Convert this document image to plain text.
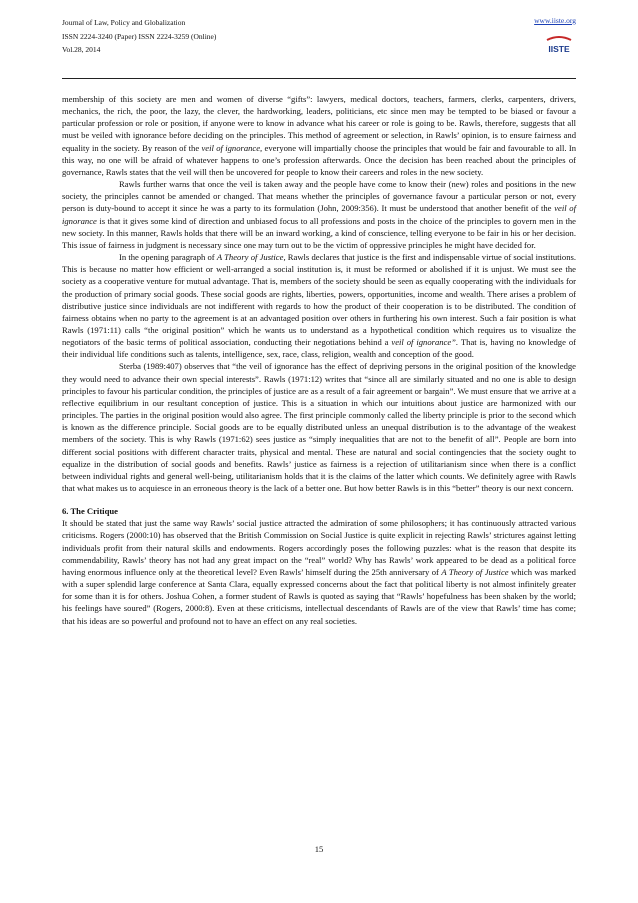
Journal of Law, Policy and Globalization
ISSN 2224-3240 (Paper) ISSN 2224-3259 (Online)
Vol.28, 2014
www.iiste.org
IISTE

membership of this society are men and women of diverse “gifts”: lawyers, medical doctors, teachers, farmers, clerks, carpenters, drivers, mechanics, the rich, the poor, the lazy, the clever, the hardworking, leaders, politicians, etc since men may be tempted to be biased or favour a particular profession or role or position, if anyone were to know in advance what his career or role is going to be. Rawls, therefore, suggests that all must be veiled with ignorance before deciding on the principles. This method of agreement or selection, in Rawls’ opinion, is to ensure fairness and equality in the society. By reason of the veil of ignorance, everyone will impartially choose the principles that would be fair and favourable to all. In this way, no one will be afraid of whatever happens to one’s profession afterwards. Once the decision has been reached about the principles of governance, Rawls states that the veil will then be uncovered for people to know their careers and roles in the new society.

Rawls further warns that once the veil is taken away and the people have come to know their (new) roles and positions in the new society, the principles cannot be amended or changed. That means whether the principles of governance favour a particular person or not, every person is duty-bound to accept it since he was a party to its formulation (John, 2009:356). It must be understood that another benefit of the veil of ignorance is that it gives some kind of direction and unbiased focus to all professions and posts in the choice of the principles to govern men in the new society. In this manner, Rawls holds that there will be an inward working, a kind of conscience, telling everyone to be fair in his or her decision. This issue of fairness in judgment is necessary since one may turn out to be the victim of oppressive principles he might have decided for.

In the opening paragraph of A Theory of Justice, Rawls declares that justice is the first and indispensable virtue of social institutions. This is because no matter how efficient or well-arranged a social institution is, it must be reformed or abolished if it is unjust. We must see the society as a cooperative venture for mutual advantage. That is, members of the society should be seen as equally cooperating with the individuals for the production of primary social goods. These social goods are rights, liberties, powers, opportunities, income and wealth. There arises a problem of distributive justice since individuals are not indifferent with regards to how the product of their cooperation is to be distributed. The condition of fairness obtains when no party to the agreement is at an advantaged position over others in furthering his own interest. Such a fair position is what Rawls (1971:11) calls “the original position” which he wants us to understand as a hypothetical condition which requires us to visualize the negotiators of the basic terms of political association, conducting their negotiations behind a veil of ignorance”. That is, having no knowledge of their individual life conditions such as talents, intelligence, sex, race, class, religion, wealth and conception of the good.

Sterba (1989:407) observes that “the veil of ignorance has the effect of depriving persons in the original position of the knowledge they would need to advance their own special interests”. Rawls (1971:12) writes that “since all are similarly situated and no one is able to design principles to favour his particular condition, the principles of justice are as a result of a fair agreement or bargain”. We must ensure that we arrive at a reflective equilibrium in our resultant conception of justice. This is a situation in which our intuitions about justice are harmonized with our principles. The parties in the original position would also agree. The first principle commonly called the liberty principle is prior to the second which is known as the difference principle. Social goods are to be equally distributed unless an unequal distribution is to the advantage of the weakest members of the society. This is why Rawls (1971:62) sees justice as “simply inequalities that are not to the benefit of all”. People are born into different social positions with different character traits, physical and mental. These are natural and social contingencies that the society ought to equalize in the distribution of social goods and benefits. Rawls’ justice as fairness is a rejection of utilitarianism since when there is a conflict between individual rights and general well-being, utilitarianism holds that it is the claims of the latter which counts. We definitely agree with Rawls that what makes us to acquiesce in an erroneous theory is the lack of a better one. But how better Rawls is in this “better” theory is our next concern.

6. The Critique

It should be stated that just the same way Rawls’ social justice attracted the admiration of some philosophers; it has continuously attracted various criticisms. Rogers (2000:10) has observed that the British Commission on Social Justice is quite explicit in rejecting Rawls’ strictures against letting individuals profit from their natural skills and endowments. Rogers accordingly poses the following puzzles: what is the reason that despite its commendability, Rawls’ theory has not had any great impact on the “real” world? Why has Rawls’ work appeared to be dead as a political force having enormous influence only at the theoretical level? Even Rawls’ himself during the 25th anniversary of A Theory of Justice which was marked with a super splendid large conference at Santa Clara, equally expressed concerns about the fact that political liberty is not almost infinitely greater for some than it is for others. Joshua Cohen, a former student of Rawls is quoted as saying that “Rawls’ hopefulness has been shaken by the world; his feelings have soured” (Rogers, 2000:8). Even at these criticisms, intellectual descendants of Rawls are of the view that Rawls’ time has come; that his ideas are so powerful and profound not to have an effect on any real societies.

15
